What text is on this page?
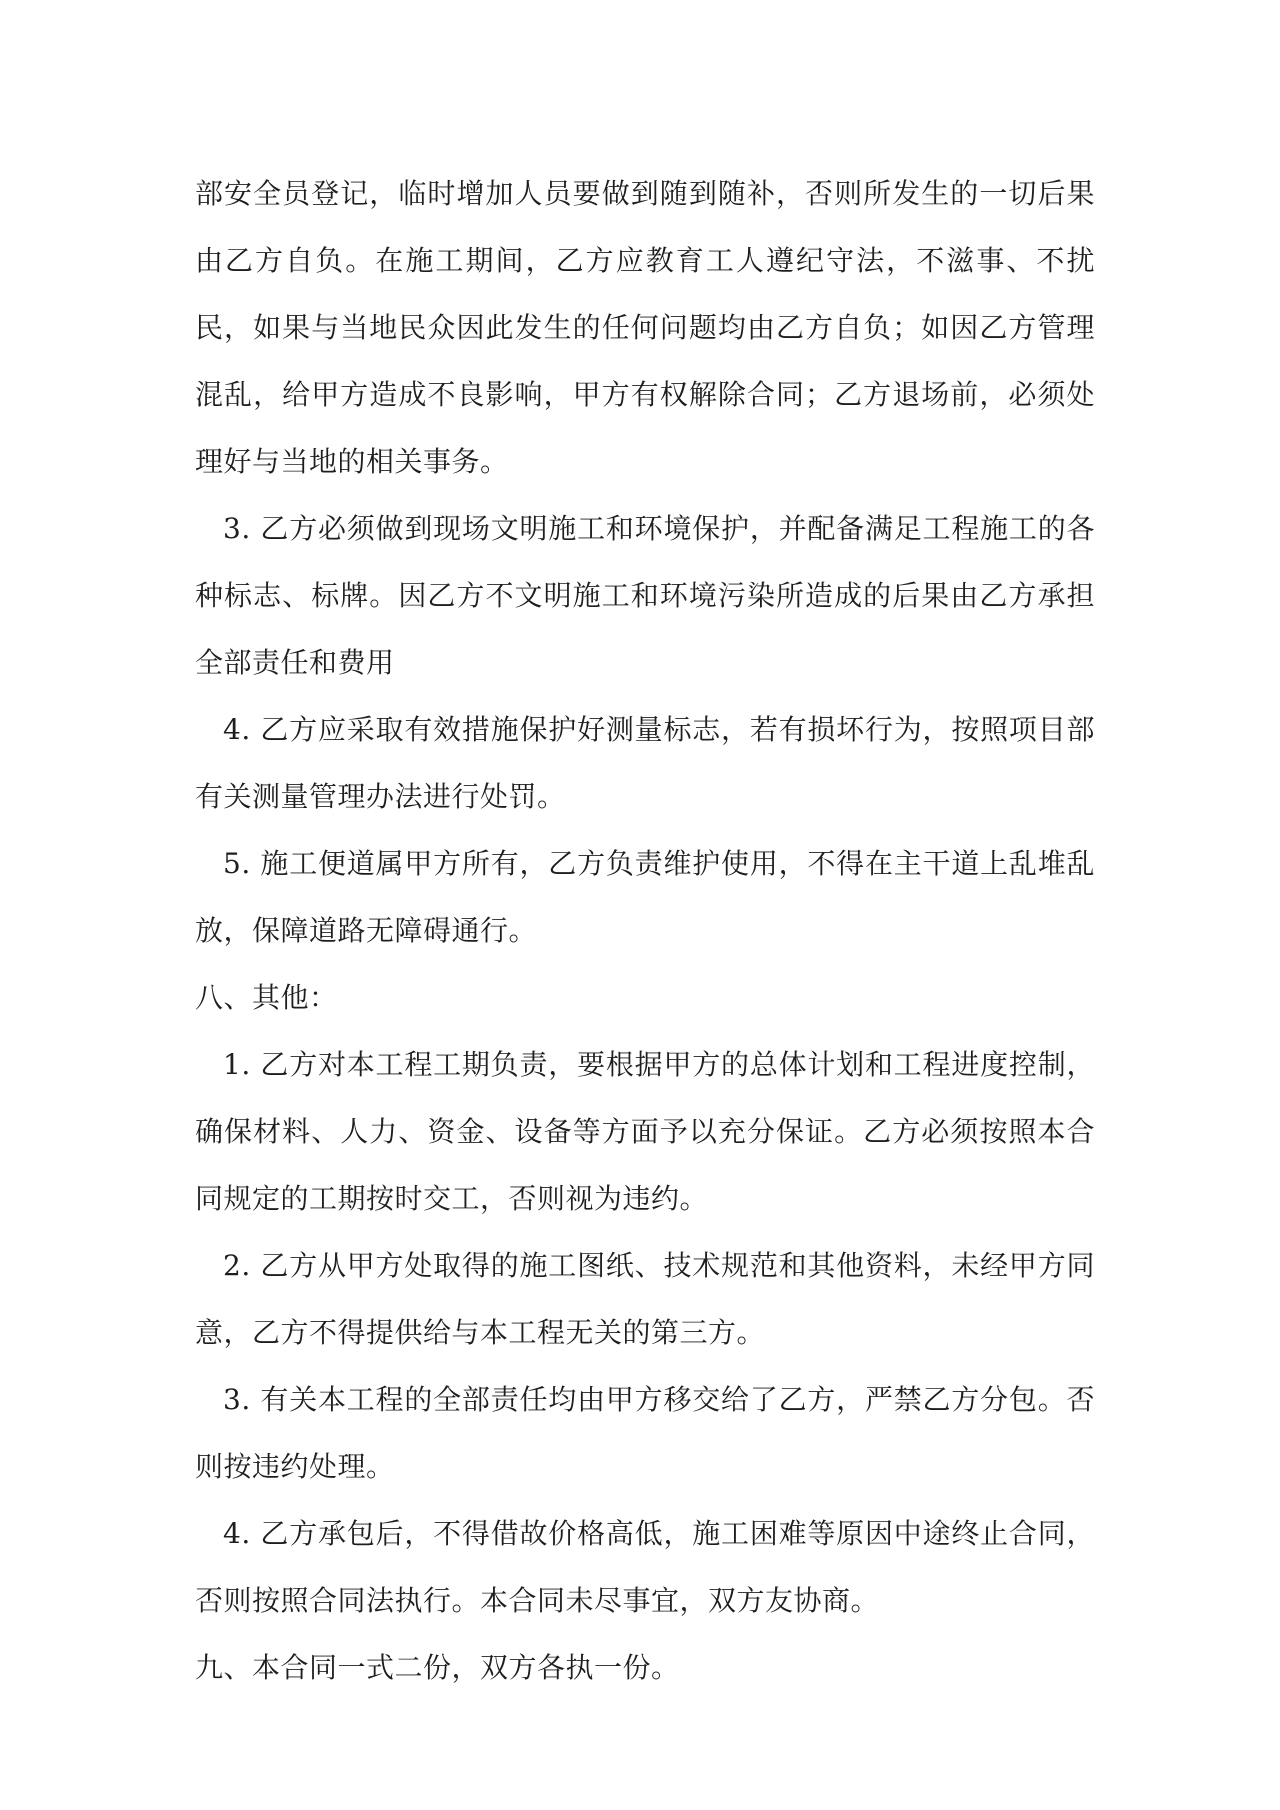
部安全员登记，临时增加人员要做到随到随补，否则所发生的一切后果由乙方自负。在施工期间，乙方应教育工人遵纪守法，不滋事、不扰民，如果与当地民众因此发生的任何问题均由乙方自负；如因乙方管理混乱，给甲方造成不良影响，甲方有权解除合同；乙方退场前，必须处理好与当地的相关事务。

3. 乙方必须做到现场文明施工和环境保护，并配备满足工程施工的各种标志、标牌。因乙方不文明施工和环境污染所造成的后果由乙方承担全部责任和费用

4. 乙方应采取有效措施保护好测量标志，若有损坏行为，按照项目部有关测量管理办法进行处罚。

5. 施工便道属甲方所有，乙方负责维护使用，不得在主干道上乱堆乱放，保障道路无障碍通行。

八、其他：

1. 乙方对本工程工期负责，要根据甲方的总体计划和工程进度控制，确保材料、人力、资金、设备等方面予以充分保证。乙方必须按照本合同规定的工期按时交工，否则视为违约。

2. 乙方从甲方处取得的施工图纸、技术规范和其他资料，未经甲方同意，乙方不得提供给与本工程无关的第三方。

3. 有关本工程的全部责任均由甲方移交给了乙方，严禁乙方分包。否则按违约处理。

4. 乙方承包后，不得借故价格高低，施工困难等原因中途终止合同，否则按照合同法执行。本合同未尽事宜，双方友协商。

九、本合同一式二份，双方各执一份。
